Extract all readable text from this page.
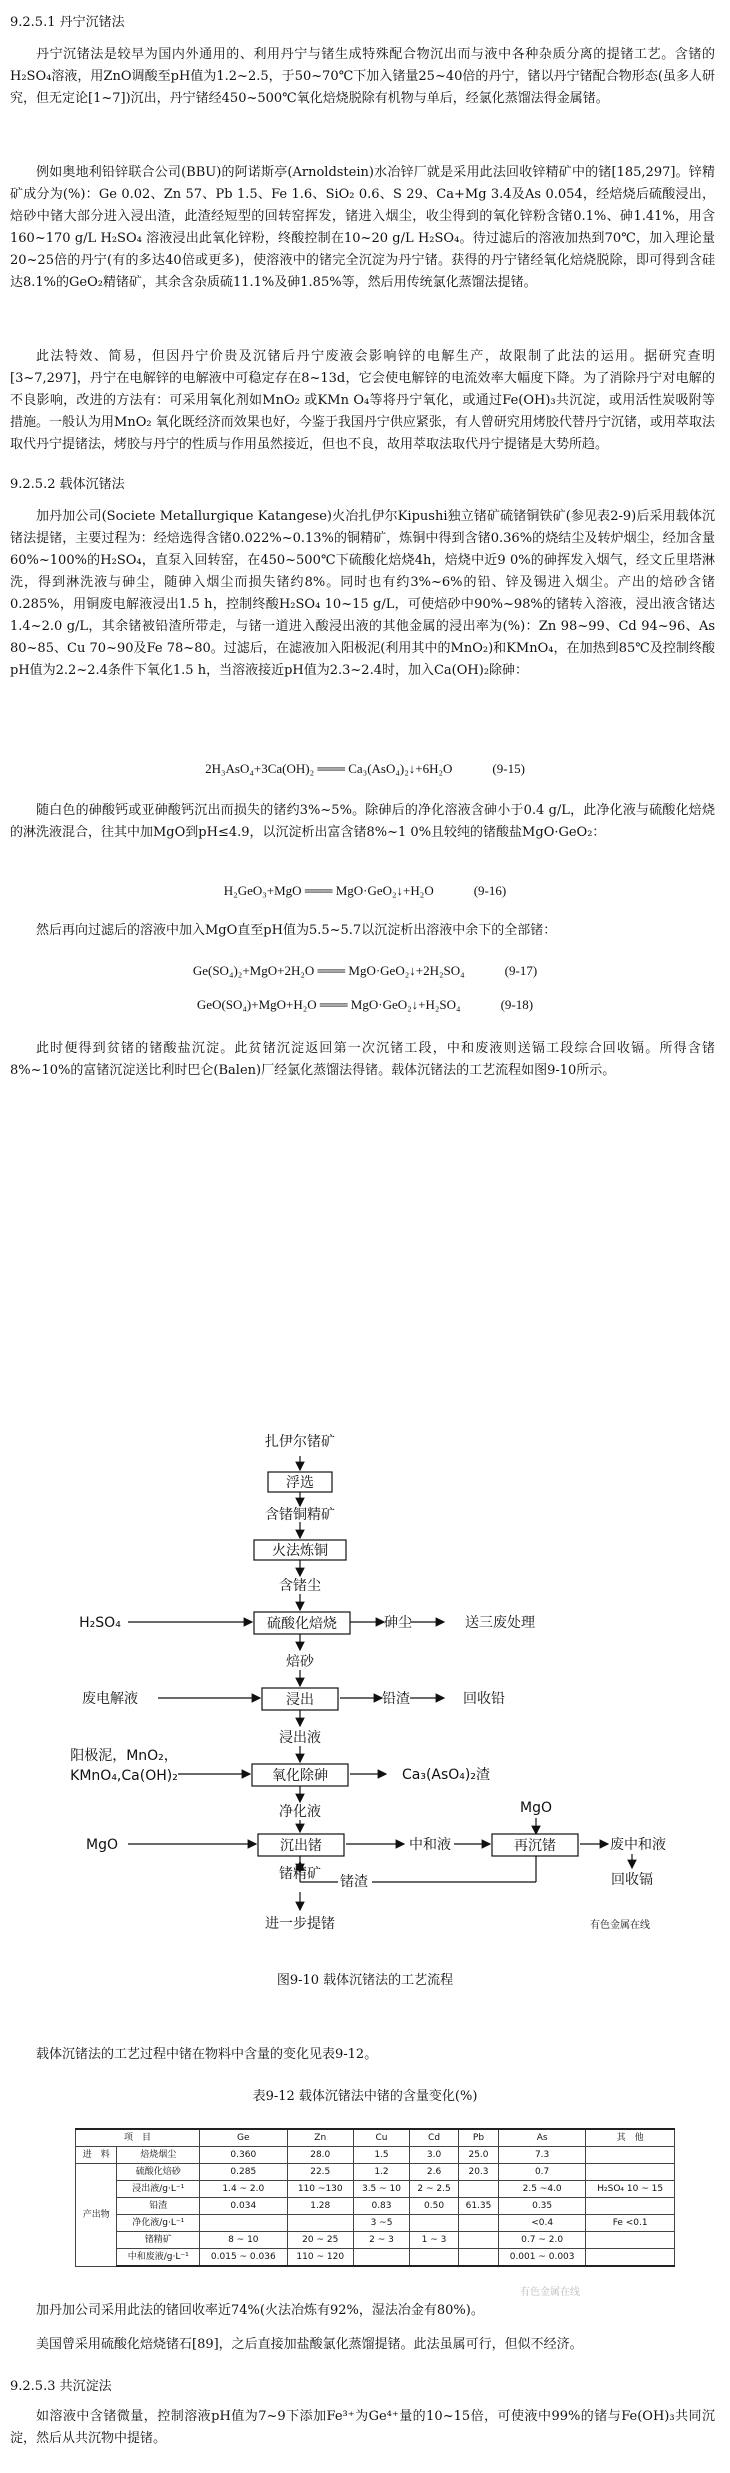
9.2.5.1 丹宁沉锗法
丹宁沉锗法是较早为国内外通用的、利用丹宁与锗生成特殊配合物沉出而与液中各种杂质分离的提锗工艺。含锗的H₂SO₄溶液，用ZnO调酸至pH值为1.2~2.5，于50~70℃下加入锗量25~40倍的丹宁，锗以丹宁锗配合物形态(虽多人研究，但无定论[1~7])沉出，丹宁锗经450~500℃氧化焙烧脱除有机物与单后，经氯化蒸馏法得金属锗。
例如奥地利铅锌联合公司(BBU)的阿诺斯亭(Arnoldstein)水冶锌厂就是采用此法回收锌精矿中的锗[185,297]。锌精矿成分为(%)：Ge 0.02、Zn 57、Pb 1.5、Fe 1.6、SiO₂ 0.6、S 29、Ca+Mg 3.4及As 0.054，经焙烧后硫酸浸出，焙砂中锗大部分进入浸出渣，此渣经短型的回转窑挥发，锗进入烟尘，收尘得到的氧化锌粉含锗0.1%、砷1.41%，用含160~170 g/L H₂SO₄ 溶液浸出此氧化锌粉，终酸控制在10~20 g/L H₂SO₄。待过滤后的溶液加热到70℃，加入理论量20~25倍的丹宁(有的多达40倍或更多)，使溶液中的锗完全沉淀为丹宁锗。获得的丹宁锗经氧化焙烧脱除，即可得到含硅达8.1%的GeO₂精锗矿，其余含杂质硫11.1%及砷1.85%等，然后用传统氯化蒸馏法提锗。
此法特效、简易，但因丹宁价贵及沉锗后丹宁废液会影响锌的电解生产，故限制了此法的运用。据研究查明[3~7,297]，丹宁在电解锌的电解液中可稳定存在8~13d，它会使电解锌的电流效率大幅度下降。为了消除丹宁对电解的不良影响，改进的方法有：可采用氧化剂如MnO₂ 或KMn O₄等将丹宁氧化，或通过Fe(OH)₃共沉淀，或用活性炭吸附等措施。一般认为用MnO₂ 氧化既经济而效果也好，今鉴于我国丹宁供应紧张，有人曾研究用烤胶代替丹宁沉锗，或用萃取法取代丹宁提锗法，烤胶与丹宁的性质与作用虽然接近，但也不良，故用萃取法取代丹宁提锗是大势所趋。
9.2.5.2 载体沉锗法
加丹加公司(Societe Metallurgique Katangese)火冶扎伊尔Kipushi独立锗矿硫锗铜铁矿(参见表2-9)后采用载体沉锗法提锗，主要过程为：经焙选得含锗0.022%~0.13%的铜精矿，炼铜中得到含锗0.36%的烧结尘及转炉烟尘，经加含量60%~100%的H₂SO₄，直泵入回转窑，在450~500℃下硫酸化焙烧4h，焙烧中近9 0%的砷挥发入烟气，经文丘里塔淋洗，得到淋洗液与砷尘，随砷入烟尘而损失锗约8%。同时也有约3%~6%的铅、锌及锡进入烟尘。产出的焙砂含锗0.285%，用铜废电解液浸出1.5 h，控制终酸H₂SO₄ 10~15 g/L，可使焙砂中90%~98%的锗转入溶液，浸出液含锗达1.4~2.0 g/L，其余锗被铅渣所带走，与锗一道进入酸浸出液的其他金属的浸出率为(%)：Zn 98~99、Cd 94~96、As 80~85、Cu 70~90及Fe 78~80。过滤后，在滤液加入阳极泥(利用其中的MnO₂)和KMnO₄，在加热到85℃及控制终酸pH值为2.2~2.4条件下氧化1.5 h，当溶液接近pH值为2.3~2.4时，加入Ca(OH)₂除砷：
2H₃AsO₄+3Ca(OH)₂ ═══ Ca₃(AsO₄)₂↓+6H₂O	(9-15)
随白色的砷酸钙或亚砷酸钙沉出而损失的锗约3%~5%。除砷后的净化溶液含砷小于0.4 g/L，此净化液与硫酸化焙烧的淋洗液混合，往其中加MgO到pH≤4.9，以沉淀析出富含锗8%~1 0%且较纯的锗酸盐MgO·GeO₂：
H₂GeO₃+MgO ═══ MgO·GeO₂↓+H₂O	(9-16)
然后再向过滤后的溶液中加入MgO直至pH值为5.5~5.7以沉淀析出溶液中余下的全部锗：
Ge(SO₄)₂+MgO+2H₂O ═══ MgO·GeO₂↓+2H₂SO₄	(9-17)
GeO(SO₄)+MgO+H₂O ═══ MgO·GeO₂↓+H₂SO₄	(9-18)
此时便得到贫锗的锗酸盐沉淀。此贫锗沉淀返回第一次沉锗工段，中和废液则送镉工段综合回收镉。所得含锗8%~10%的富锗沉淀送比利时巴仑(Balen)厂经氯化蒸馏法得锗。载体沉锗法的工艺流程如图9-10所示。
扎伊尔锗矿
浮选
含锗铜精矿
火法炼铜
含锗尘
硫酸化焙烧
H₂SO₄	砷尘	送三废处理
焙砂
废电解液	浸出	铅渣	回收铅
浸出液
阳极泥，MnO₂，
KMnO₄,Ca(OH)₂	氧化除砷	Ca₃(AsO₄)₂渣
净化液
MgO	沉出锗	中和液
MgO
再沉锗	废中和液
回收镉
锗精矿 锗渣
进一步提锗	有色金属在线
图9-10 载体沉锗法的工艺流程
载体沉锗法的工艺过程中锗在物料中含量的变化见表9-12。
表9-12 载体沉锗法中锗的含量变化(%)
项　目		Ge	Zn	Cu	Cd	Pb	As	其　他
进　料	焙烧烟尘	0.360	28.0	1.5	3.0	25.0	7.3	
产出物	硫酸化焙砂	0.285	22.5	1.2	2.6	20.3	0.7	
	浸出液/g·L⁻¹	1.4 ~ 2.0	110 ~130	3.5 ~ 10	2 ~ 2.5		2.5 ~4.0	H₂SO₄ 10 ~ 15
	铅渣	0.034	1.28	0.83	0.50	61.35	0.35	
	净化液/g·L⁻¹			3 ~5			<0.4	Fe <0.1
	锗精矿	8 ~ 10	20 ~ 25	2 ~ 3	1 ~ 3		0.7 ~ 2.0	
	中和废液/g·L⁻¹	0.015 ~ 0.036	110 ~ 120				0.001 ~ 0.003	
有色金属在线
加丹加公司采用此法的锗回收率近74%(火法冶炼有92%，湿法冶金有80%)。
美国曾采用硫酸化焙烧锗石[89]，之后直接加盐酸氯化蒸馏提锗。此法虽属可行，但似不经济。
9.2.5.3 共沉淀法
如溶液中含锗微量，控制溶液pH值为7~9下添加Fe³⁺为Ge⁴⁺量的10~15倍，可使液中99%的锗与Fe(OH)₃共同沉淀，然后从共沉物中提锗。
